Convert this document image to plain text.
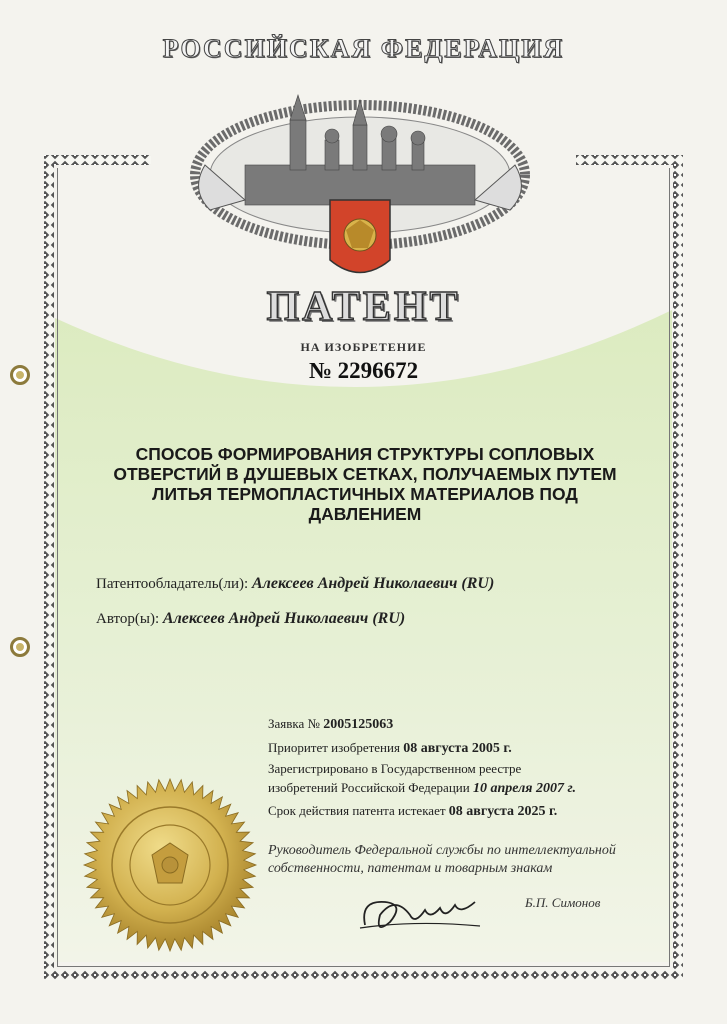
РОССИЙСКАЯ ФЕДЕРАЦИЯ
ПАТЕНТ
НА ИЗОБРЕТЕНИЕ
№ 2296672
СПОСОБ ФОРМИРОВАНИЯ СТРУКТУРЫ СОПЛОВЫХ ОТВЕРСТИЙ В ДУШЕВЫХ СЕТКАХ, ПОЛУЧАЕМЫХ ПУТЕМ ЛИТЬЯ ТЕРМОПЛАСТИЧНЫХ МАТЕРИАЛОВ ПОД ДАВЛЕНИЕМ
Патентообладатель(ли): Алексеев Андрей Николаевич (RU)
Автор(ы): Алексеев Андрей Николаевич (RU)
Заявка № 2005125063
Приоритет изобретения 08 августа 2005 г.
Зарегистрировано в Государственном реестре
изобретений Российской Федерации 10 апреля 2007 г.
Срок действия патента истекает 08 августа 2025 г.
Руководитель Федеральной службы по интеллектуальной
собственности, патентам и товарным знакам
Б.П. Симонов
